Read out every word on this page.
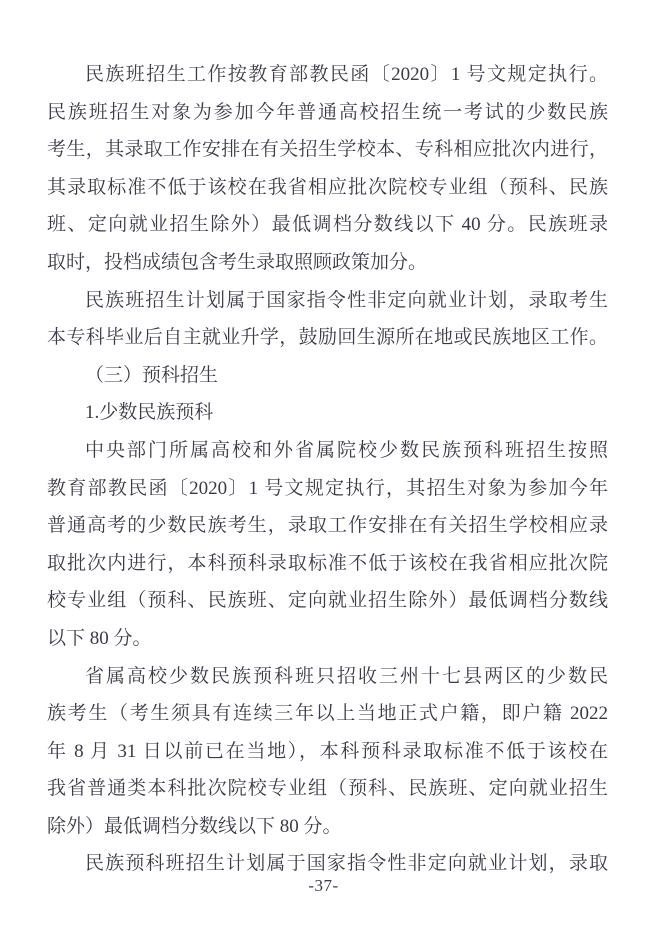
民族班招生工作按教育部教民函〔2020〕1 号文规定执行。
民族班招生对象为参加今年普通高校招生统一考试的少数民族
考生，其录取工作安排在有关招生学校本、专科相应批次内进行，
其录取标准不低于该校在我省相应批次院校专业组（预科、民族
班、定向就业招生除外）最低调档分数线以下 40 分。民族班录
取时，投档成绩包含考生录取照顾政策加分。
民族班招生计划属于国家指令性非定向就业计划，录取考生
本专科毕业后自主就业升学，鼓励回生源所在地或民族地区工作。
（三）预科招生
1.少数民族预科
中央部门所属高校和外省属院校少数民族预科班招生按照
教育部教民函〔2020〕1 号文规定执行，其招生对象为参加今年
普通高考的少数民族考生，录取工作安排在有关招生学校相应录
取批次内进行，本科预科录取标准不低于该校在我省相应批次院
校专业组（预科、民族班、定向就业招生除外）最低调档分数线
以下 80 分。
省属高校少数民族预科班只招收三州十七县两区的少数民
族考生（考生须具有连续三年以上当地正式户籍，即户籍 2022
年 8 月 31 日以前已在当地），本科预科录取标准不低于该校在
我省普通类本科批次院校专业组（预科、民族班、定向就业招生
除外）最低调档分数线以下 80 分。
民族预科班招生计划属于国家指令性非定向就业计划，录取
-37-
